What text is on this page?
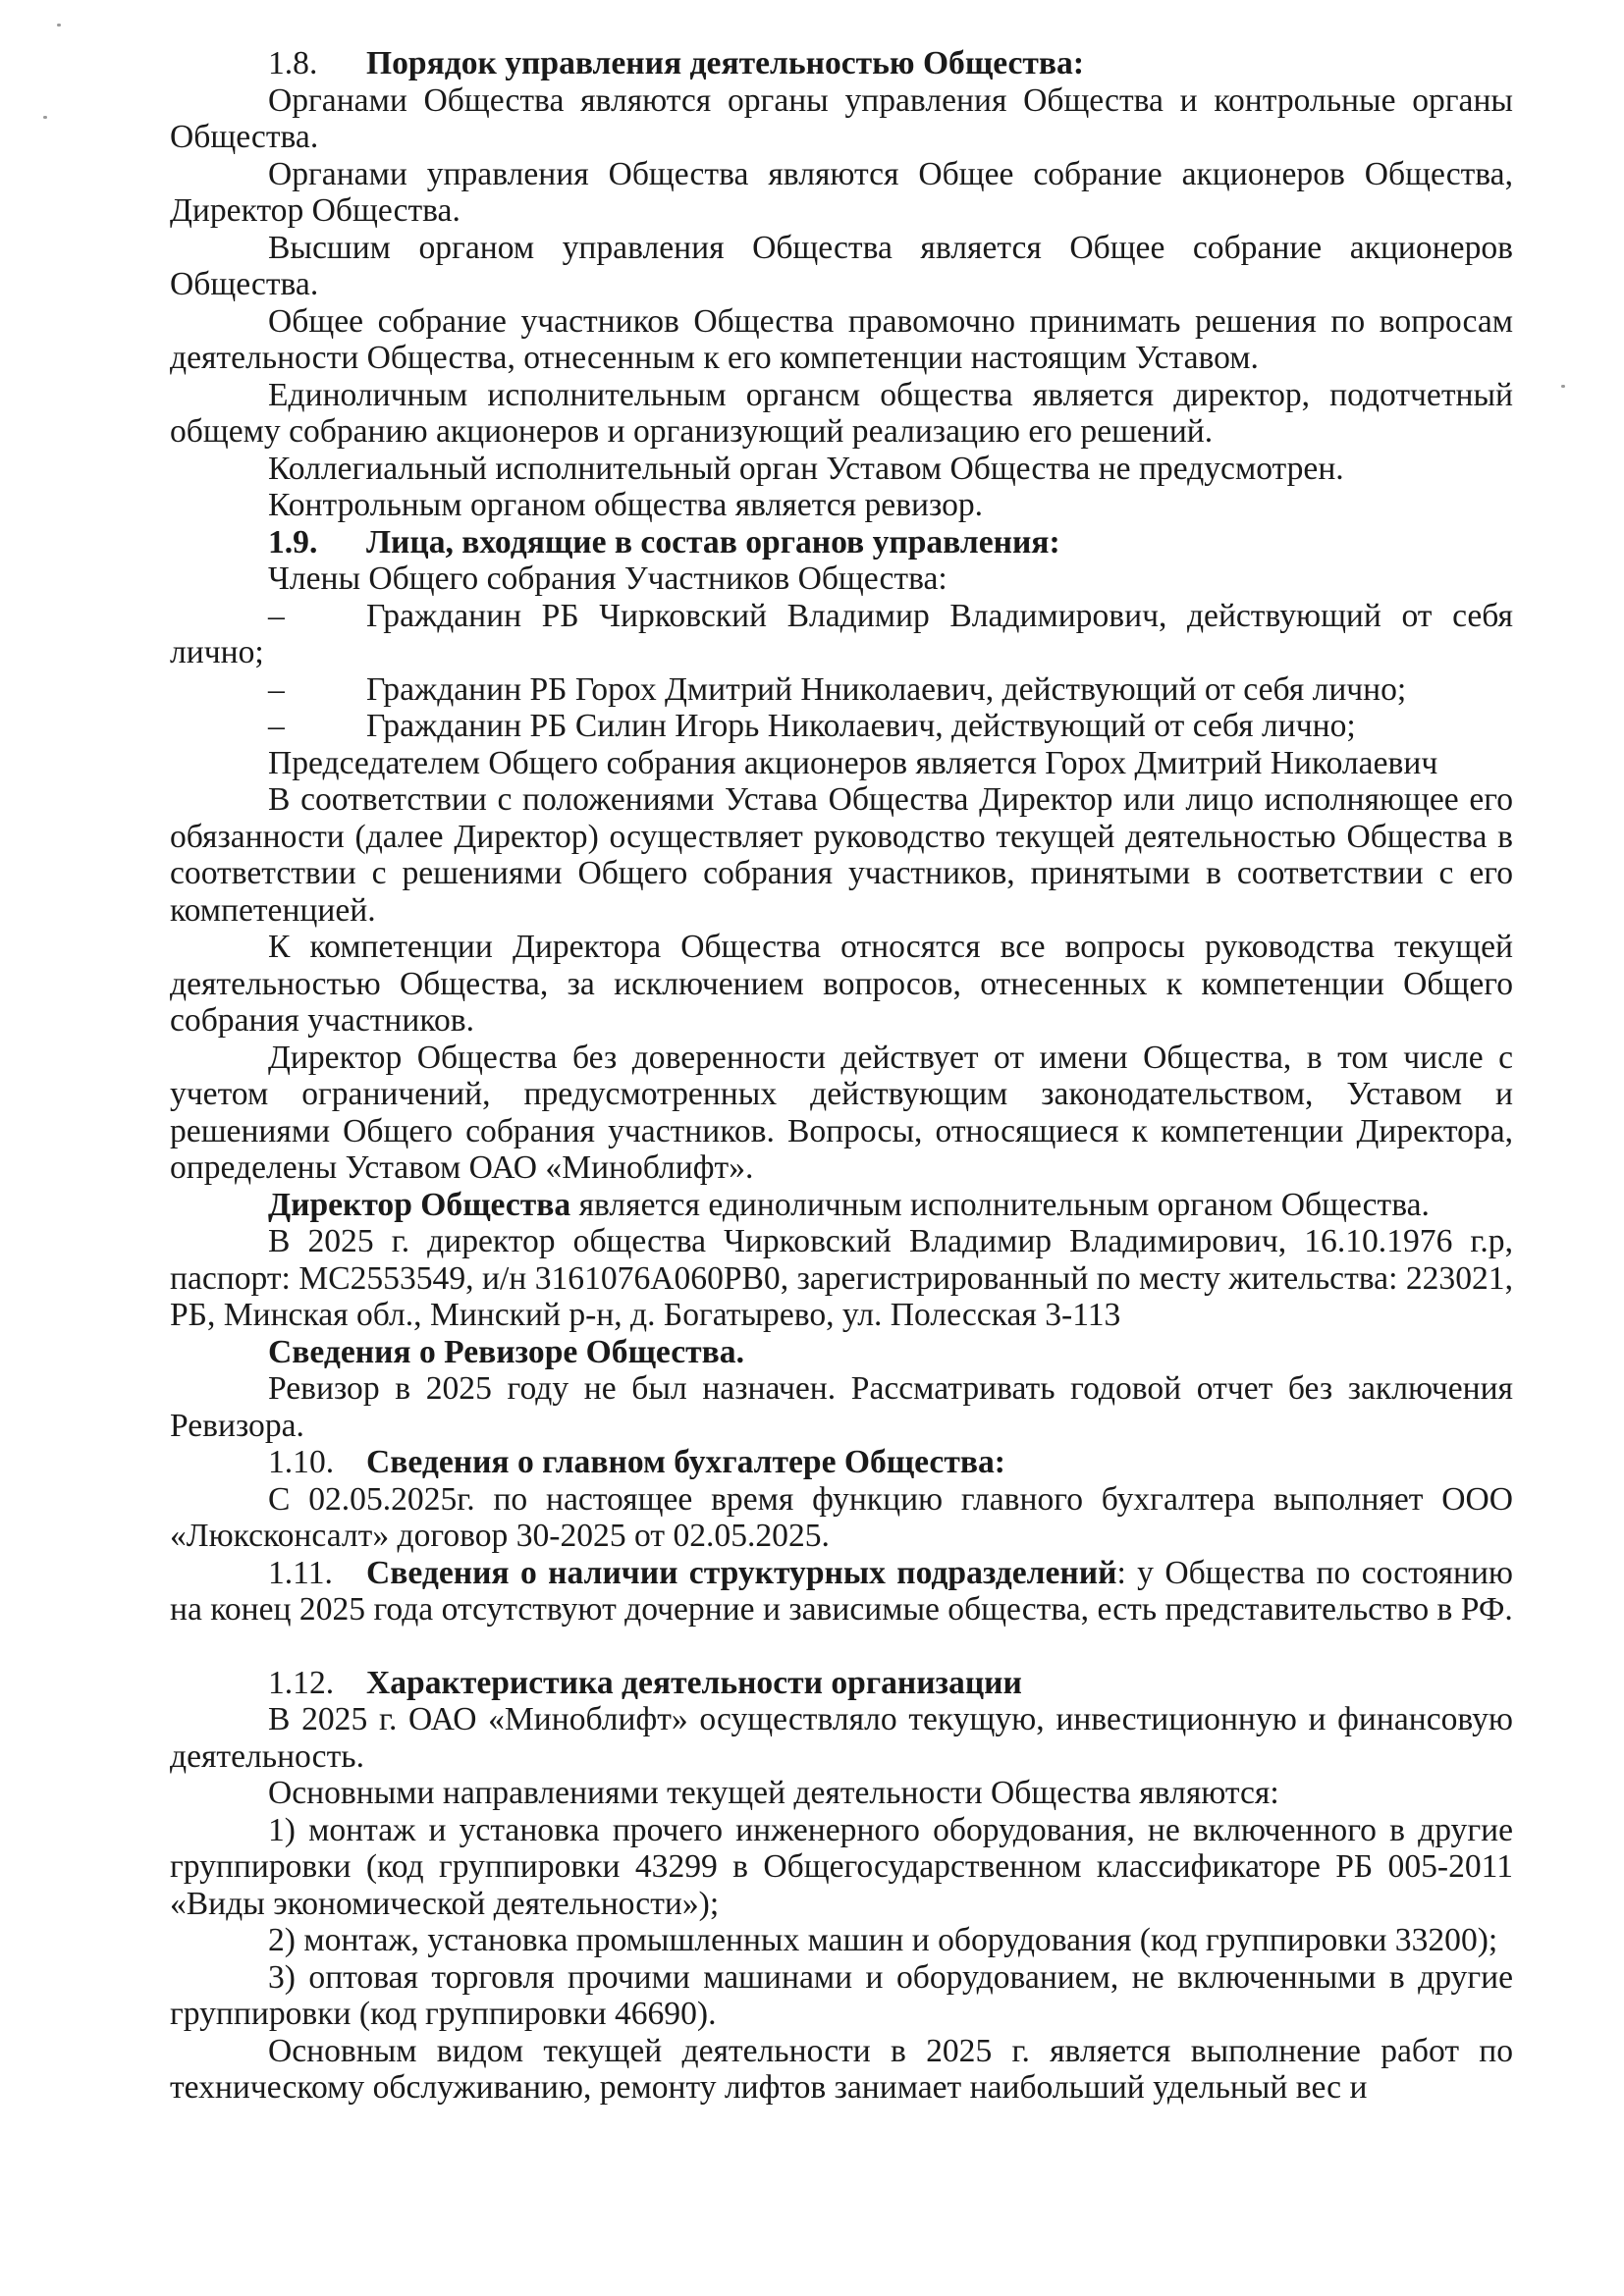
1.8. Порядок управления деятельностью Общества:

Органами Общества являются органы управления Общества и контрольные органы Общества.

Органами управления Общества являются Общее собрание акционеров Общества, Директор Общества.

Высшим органом управления Общества является Общее собрание акционеров Общества.

Общее собрание участников Общества правомочно принимать решения по вопросам деятельности Общества, отнесенным к его компетенции настоящим Уставом.

Единоличным исполнительным органсм общества является директор, подотчетный общему собранию акционеров и организующий реализацию его решений.

Коллегиальный исполнительный орган Уставом Общества не предусмотрен.

Контрольным органом общества является ревизор.

1.9. Лица, входящие в состав органов управления:

Члены Общего собрания Участников Общества:

– Гражданин РБ Чирковский Владимир Владимирович, действующий от себя лично;

– Гражданин РБ Горох Дмитрий Нниколаевич, действующий от себя лично;

– Гражданин РБ Силин Игорь Николаевич, действующий от себя лично;

Председателем Общего собрания акционеров является Горох Дмитрий Николаевич

В соответствии с положениями Устава Общества Директор или лицо исполняющее его обязанности (далее Директор) осуществляет руководство текущей деятельностью Общества в соответствии с решениями Общего собрания участников, принятыми в соответствии с его компетенцией.

К компетенции Директора Общества относятся все вопросы руководства текущей деятельностью Общества, за исключением вопросов, отнесенных к компетенции Общего собрания участников.

Директор Общества без доверенности действует от имени Общества, в том числе с учетом ограничений, предусмотренных действующим законодательством, Уставом и решениями Общего собрания участников. Вопросы, относящиеся к компетенции Директора, определены Уставом ОАО «Миноблифт».

Директор Общества является единоличным исполнительным органом Общества.

В 2025 г. директор общества Чирковский Владимир Владимирович, 16.10.1976 г.р, паспорт: МС2553549, и/н 3161076А060РВ0, зарегистрированный по месту жительства: 223021, РБ, Минская обл., Минский р-н, д. Богатырево, ул. Полесская 3-113

Сведения о Ревизоре Общества.

Ревизор в 2025 году не был назначен. Рассматривать годовой отчет без заключения Ревизора.

1.10. Сведения о главном бухгалтере Общества:

С 02.05.2025г. по настоящее время функцию главного бухгалтера выполняет ООО «Люксконсалт» договор 30-2025 от 02.05.2025.

1.11. Сведения о наличии структурных подразделений: у Общества по состоянию на конец 2025 года отсутствуют дочерние и зависимые общества, есть представительство в РФ.

1.12. Характеристика деятельности организации

В 2025 г. ОАО «Миноблифт» осуществляло текущую, инвестиционную и финансовую деятельность.

Основными направлениями текущей деятельности Общества являются:

1) монтаж и установка прочего инженерного оборудования, не включенного в другие группировки (код группировки 43299 в Общегосударственном классификаторе РБ 005-2011 «Виды экономической деятельности»);

2) монтаж, установка промышленных машин и оборудования (код группировки 33200);

3) оптовая торговля прочими машинами и оборудованием, не включенными в другие группировки (код группировки 46690).

Основным видом текущей деятельности в 2025 г. является выполнение работ по техническому обслуживанию, ремонту лифтов занимает наибольший удельный вес и
